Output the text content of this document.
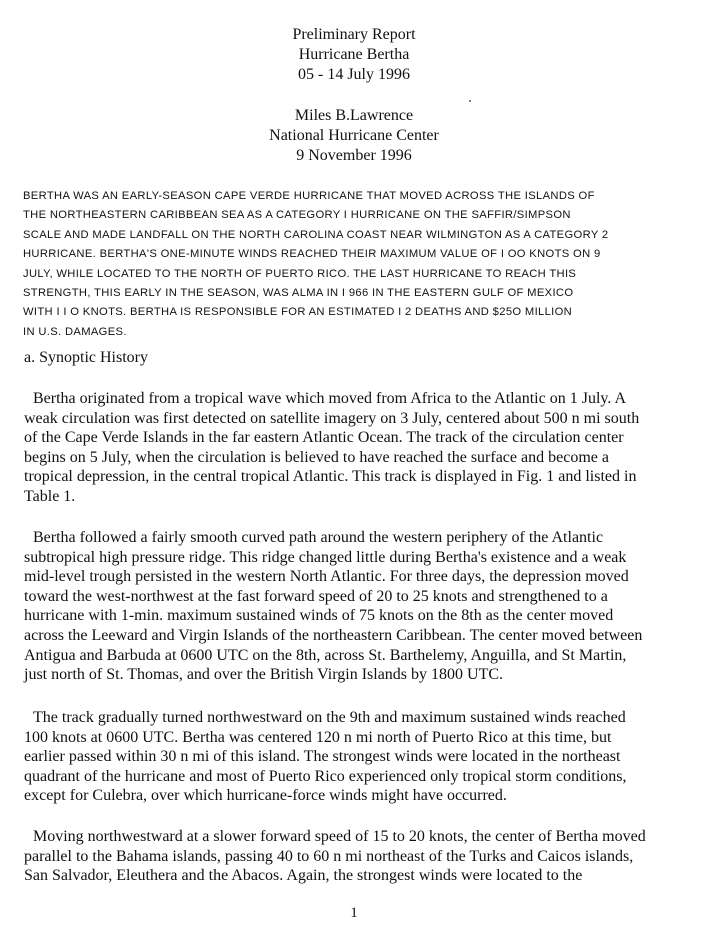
Preliminary Report
Hurricane Bertha
05 - 14 July 1996
Miles B.Lawrence
National Hurricane Center
9 November 1996
BERTHA WAS AN EARLY-SEASON CAPE VERDE HURRICANE THAT MOVED ACROSS THE ISLANDS OF
THE NORTHEASTERN CARIBBEAN SEA AS A CATEGORY I HURRICANE ON THE SAFFIR/SIMPSON
SCALE AND MADE LANDFALL ON THE NORTH CAROLINA COAST NEAR WILMINGTON AS A CATEGORY 2
HURRICANE. BERTHA'S ONE-MINUTE WINDS REACHED THEIR MAXIMUM VALUE OF I OO KNOTS ON 9
JULY, WHILE LOCATED TO THE NORTH OF PUERTO RICO. THE LAST HURRICANE TO REACH THIS
STRENGTH, THIS EARLY IN THE SEASON, WAS ALMA IN I 966 IN THE EASTERN GULF OF MEXICO
WITH I I O KNOTS. BERTHA IS RESPONSIBLE FOR AN ESTIMATED I 2 DEATHS AND $25O MILLION
IN U.S. DAMAGES.
a. Synoptic History
Bertha originated from a tropical wave which moved from Africa to the Atlantic on 1 July. A
weak circulation was first detected on satellite imagery on 3 July, centered about 500 n mi south
of the Cape Verde Islands in the far eastern Atlantic Ocean. The track of the circulation center
begins on 5 July, when the circulation is believed to have reached the surface and become a
tropical depression, in the central tropical Atlantic. This track is displayed in Fig. 1 and listed in
Table 1.
Bertha followed a fairly smooth curved path around the western periphery of the Atlantic
subtropical high pressure ridge. This ridge changed little during Bertha's existence and a weak
mid-level trough persisted in the western North Atlantic. For three days, the depression moved
toward the west-northwest at the fast forward speed of 20 to 25 knots and strengthened to a
hurricane with 1-min. maximum sustained winds of 75 knots on the 8th as the center moved
across the Leeward and Virgin Islands of the northeastern Caribbean. The center moved between
Antigua and Barbuda at 0600 UTC on the 8th, across St. Barthelemy, Anguilla, and St Martin,
just north of St. Thomas, and over the British Virgin Islands by 1800 UTC.
The track gradually turned northwestward on the 9th and maximum sustained winds reached
100 knots at 0600 UTC. Bertha was centered 120 n mi north of Puerto Rico at this time, but
earlier passed within 30 n mi of this island. The strongest winds were located in the northeast
quadrant of the hurricane and most of Puerto Rico experienced only tropical storm conditions,
except for Culebra, over which hurricane-force winds might have occurred.
Moving northwestward at a slower forward speed of 15 to 20 knots, the center of Bertha moved
parallel to the Bahama islands, passing 40 to 60 n mi northeast of the Turks and Caicos islands,
San Salvador, Eleuthera and the Abacos. Again, the strongest winds were located to the
1
